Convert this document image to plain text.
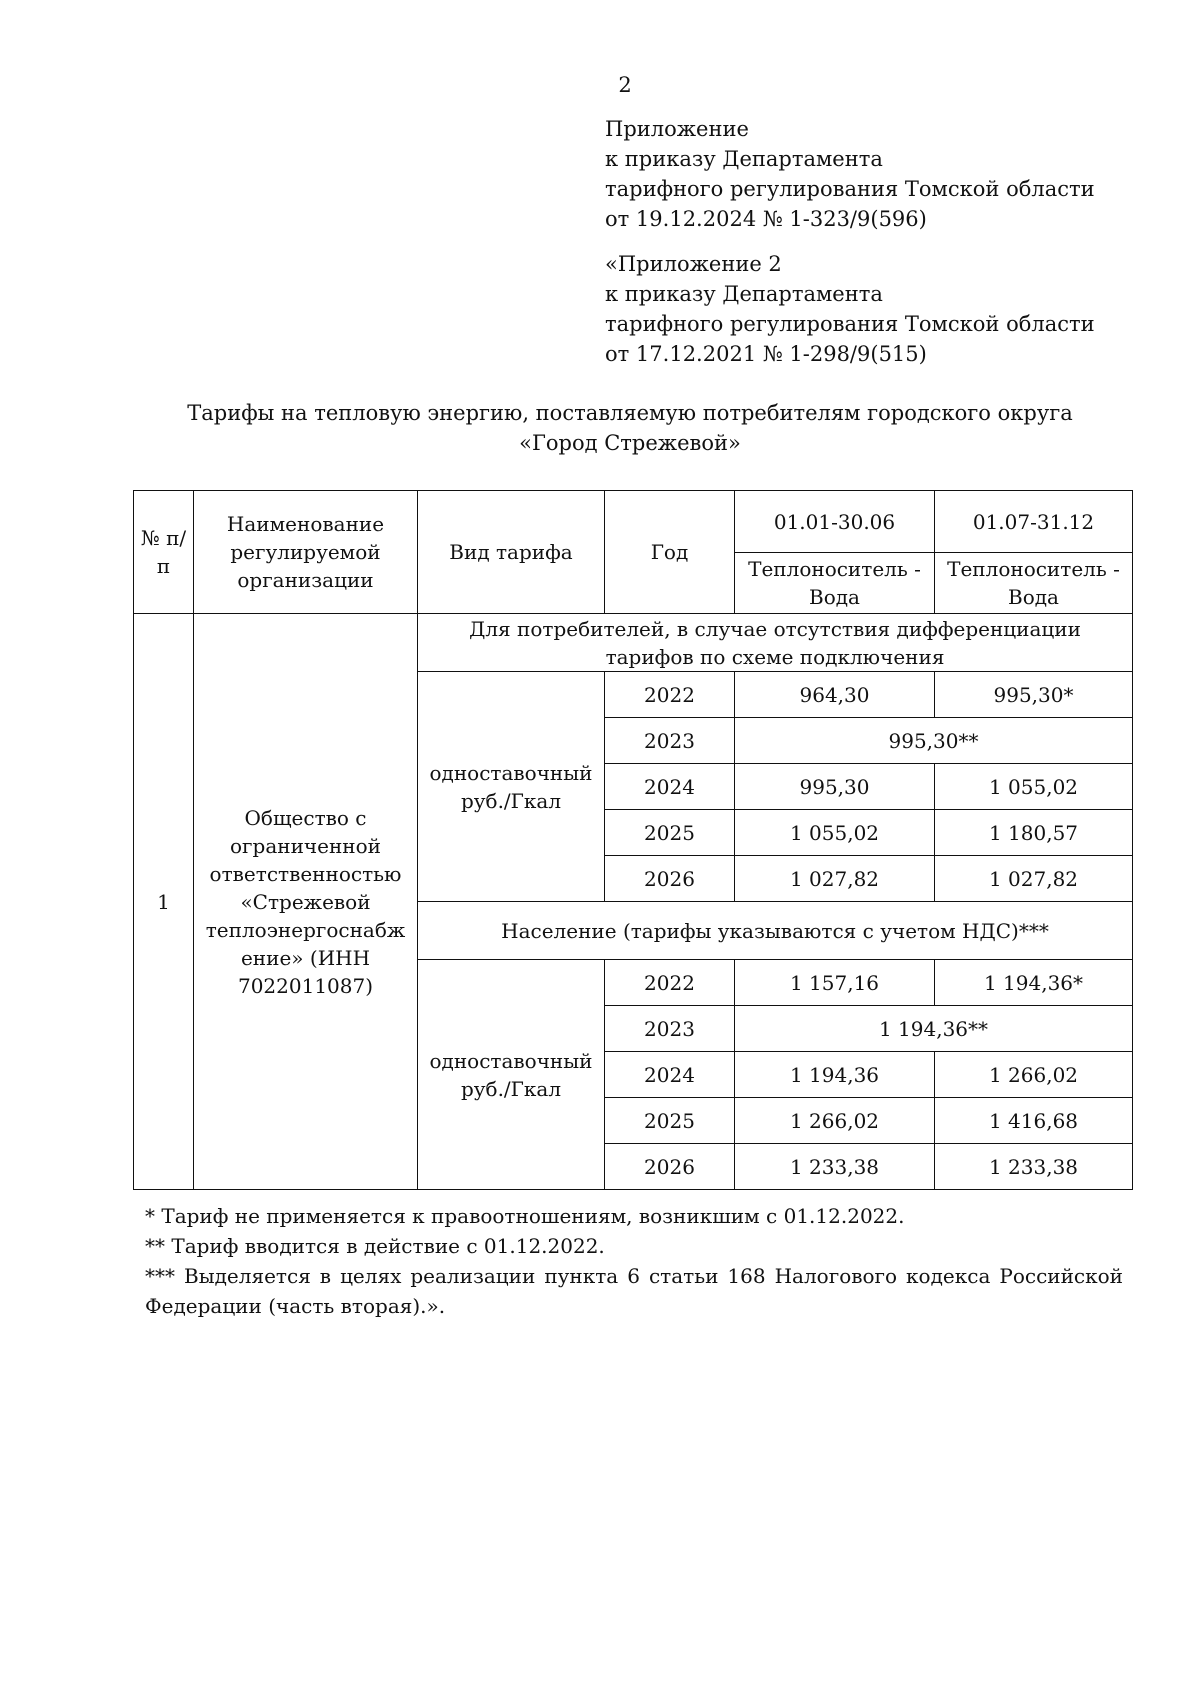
2
Приложение
к приказу Департамента
тарифного регулирования Томской области
от 19.12.2024 № 1-323/9(596)
«Приложение 2
к приказу Департамента
тарифного регулирования Томской области
от 17.12.2021 № 1-298/9(515)
Тарифы на тепловую энергию, поставляемую потребителям городского округа
«Город Стрежевой»
№ п/п	Наименование регулируемой организации	Вид тарифа	Год	01.01-30.06	01.07-31.12
				Теплоноситель - Вода	Теплоноситель - Вода
1	Общество с ограниченной ответственностью «Стрежевой теплоэнергоснабж ение» (ИНН 7022011087)	Для потребителей, в случае отсутствия дифференциации тарифов по схеме подключения			
		одноставочный руб./Гкал	2022	964,30	995,30*
			2023	995,30**	
			2024	995,30	1 055,02
			2025	1 055,02	1 180,57
			2026	1 027,82	1 027,82
		Население (тарифы указываются с учетом НДС)***			
		одноставочный руб./Гкал	2022	1 157,16	1 194,36*
			2023	1 194,36**	
			2024	1 194,36	1 266,02
			2025	1 266,02	1 416,68
			2026	1 233,38	1 233,38
* Тариф не применяется к правоотношениям, возникшим с 01.12.2022.
** Тариф вводится в действие с 01.12.2022.
*** Выделяется в целях реализации пункта 6 статьи 168 Налогового кодекса Российской Федерации (часть вторая).».
